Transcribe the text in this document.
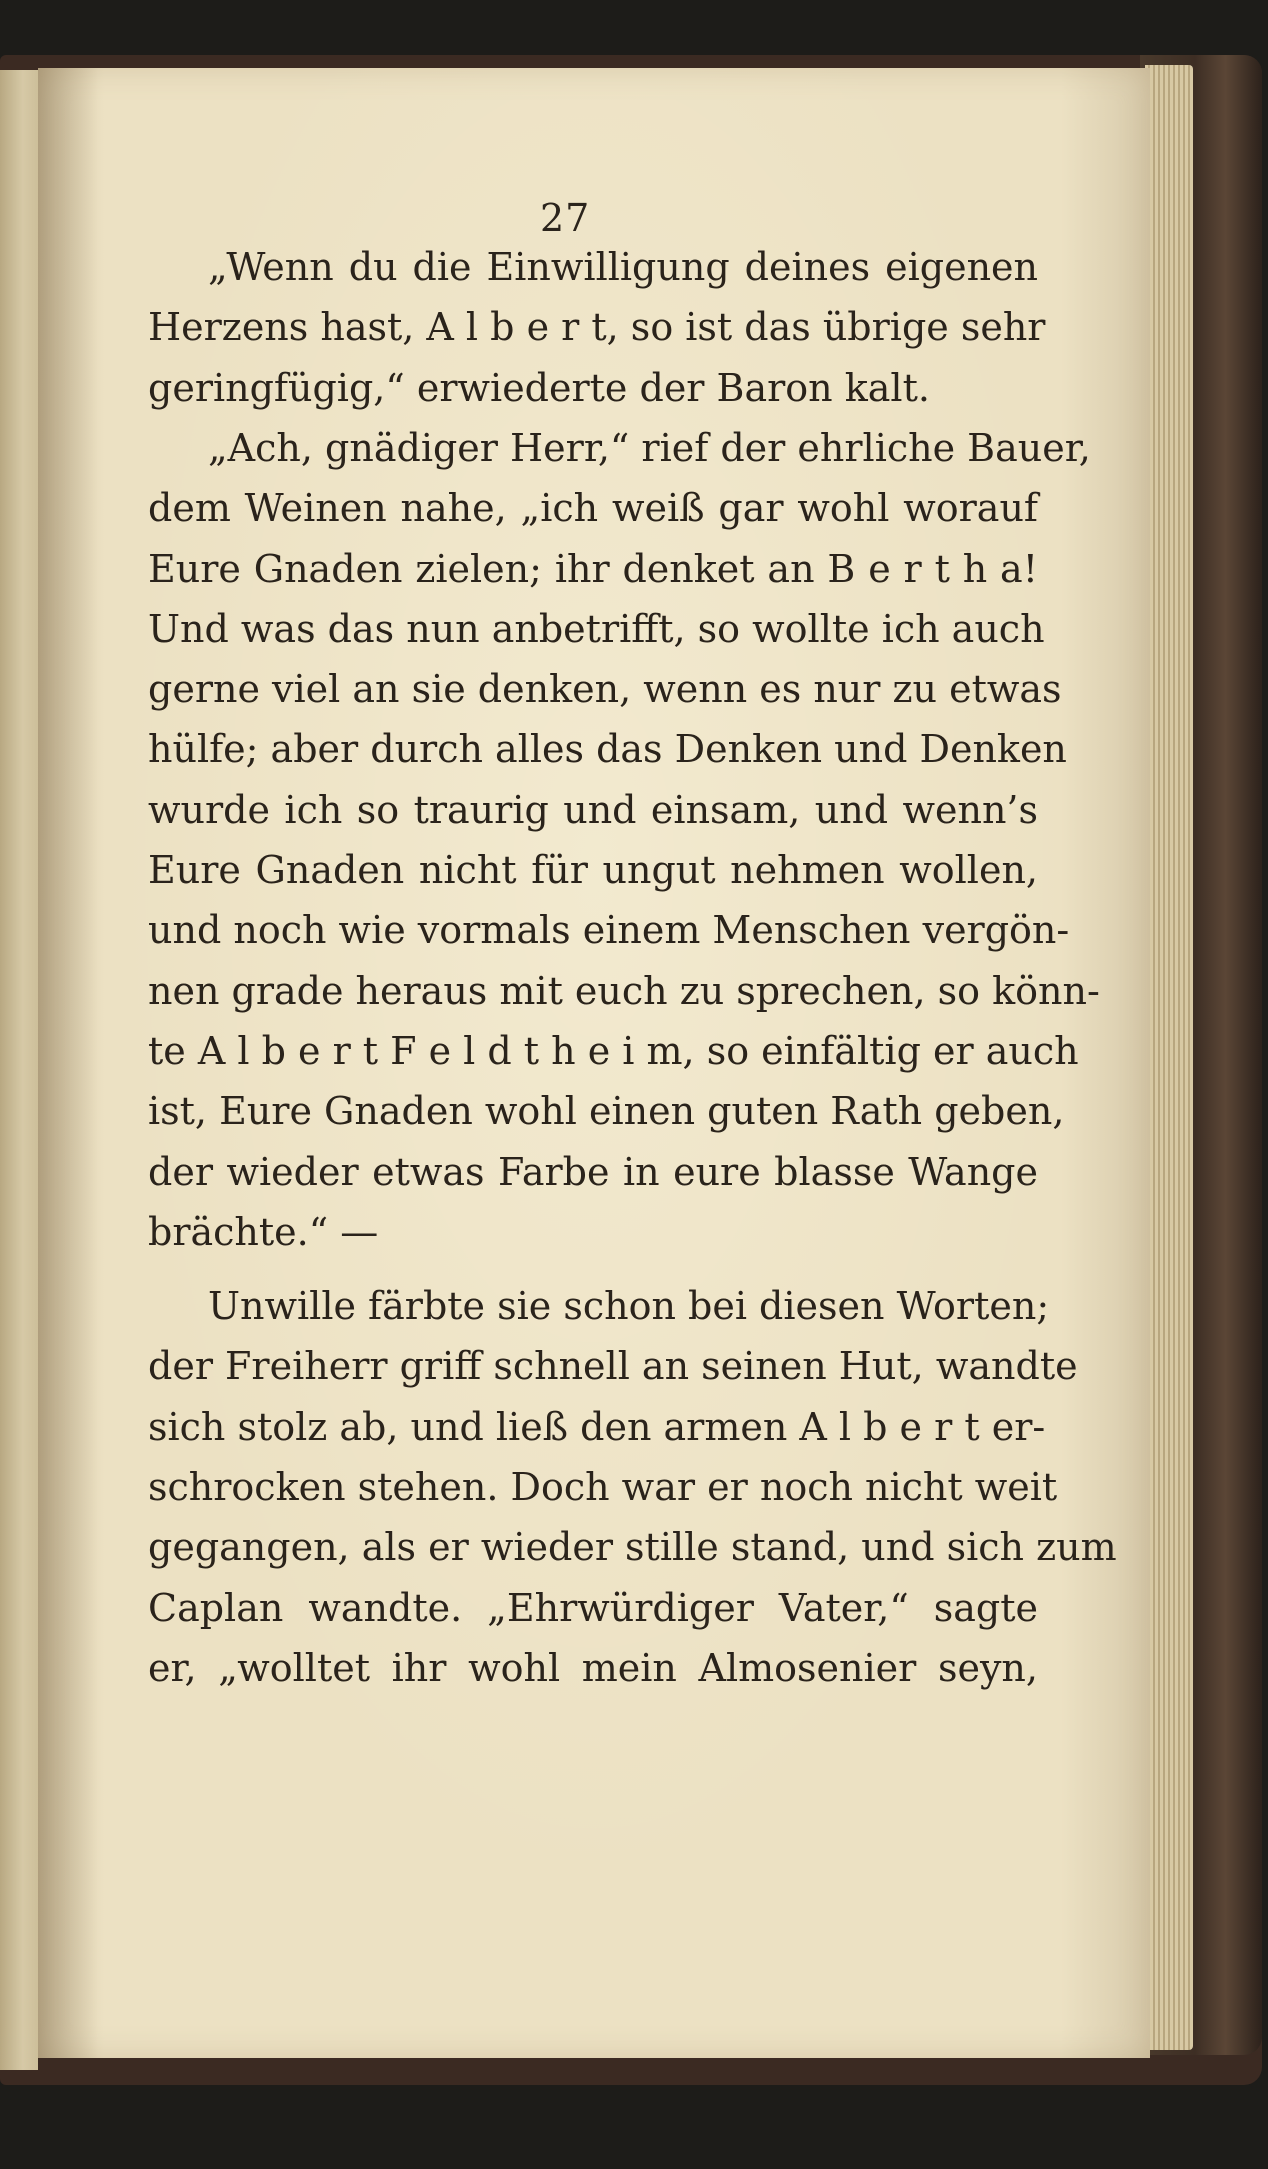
27
„Wenn du die Einwilligung deines eigenen
Herzens hast, A l b e r t, so ist das übrige sehr
geringfügig,“ erwiederte der Baron kalt.
„Ach, gnädiger Herr,“ rief der ehrliche Bauer,
dem Weinen nahe, „ich weiß gar wohl worauf
Eure Gnaden zielen; ihr denket an B e r t h a!
Und was das nun anbetrifft, so wollte ich auch
gerne viel an sie denken, wenn es nur zu etwas
hülfe; aber durch alles das Denken und Denken
wurde ich so traurig und einsam, und wenn’s
Eure Gnaden nicht für ungut nehmen wollen,
und noch wie vormals einem Menschen vergön-
nen grade heraus mit euch zu sprechen, so könn-
te A l b e r t F e l d t h e i m, so einfältig er auch
ist, Eure Gnaden wohl einen guten Rath geben,
der wieder etwas Farbe in eure blasse Wange
brächte.“ —
Unwille färbte sie schon bei diesen Worten;
der Freiherr griff schnell an seinen Hut, wandte
sich stolz ab, und ließ den armen A l b e r t er-
schrocken stehen. Doch war er noch nicht weit
gegangen, als er wieder stille stand, und sich zum
Caplan wandte. „Ehrwürdiger Vater,“ sagte
er, „wolltet ihr wohl mein Almosenier seyn,
